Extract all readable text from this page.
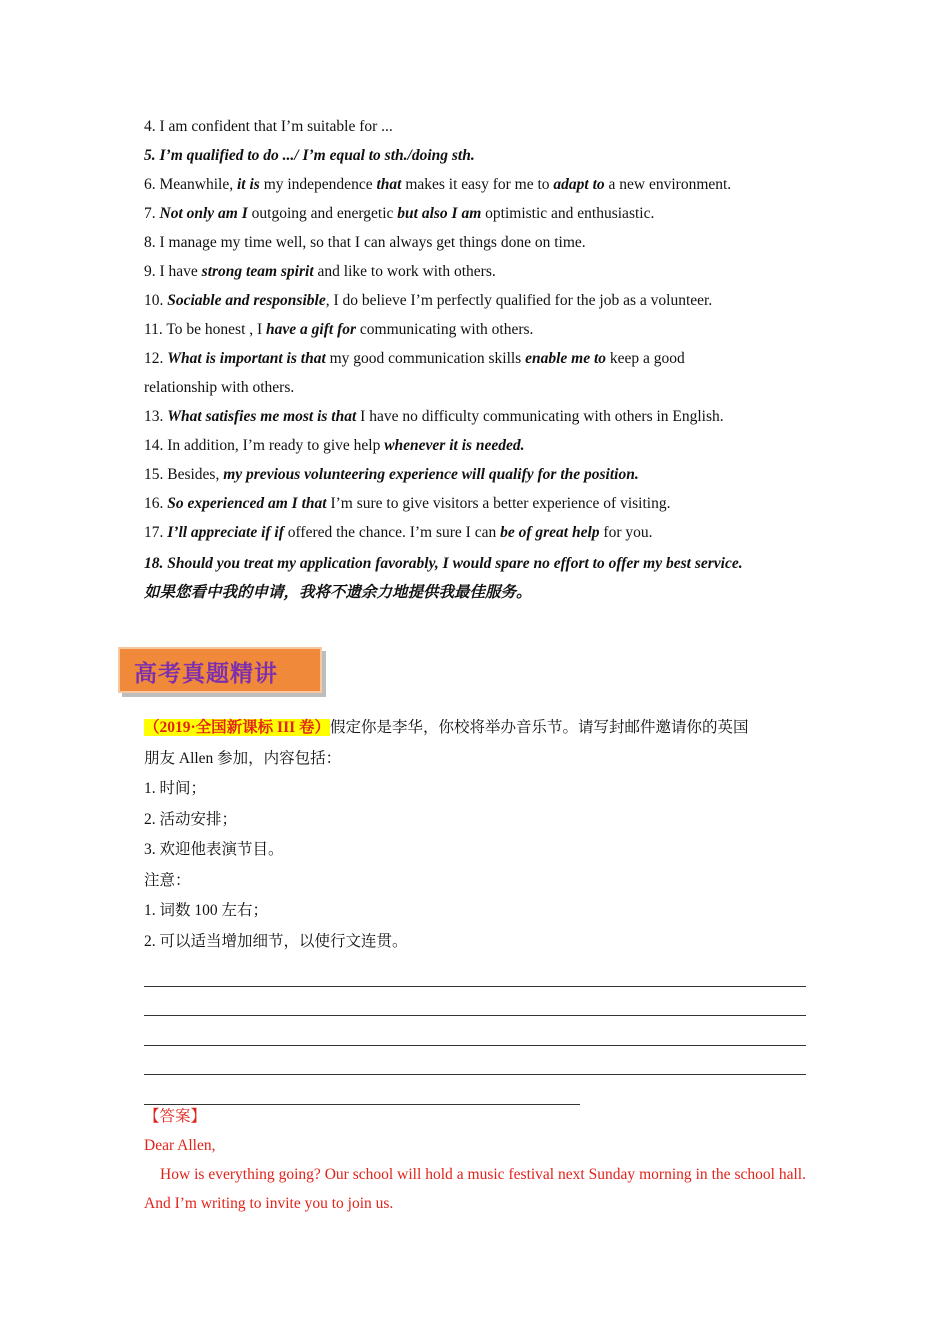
4. I am confident that I’m suitable for ...
5. I’m qualified to do .../ I’m equal to sth./doing sth.
6. Meanwhile, it is my independence that makes it easy for me to adapt to a new environment.
7. Not only am I outgoing and energetic but also I am optimistic and enthusiastic.
8. I manage my time well, so that I can always get things done on time.
9. I have strong team spirit and like to work with others.
10. Sociable and responsible, I do believe I’m perfectly qualified for the job as a volunteer.
11. To be honest , I have a gift for communicating with others.
12. What is important is that my good communication skills enable me to keep a good
relationship with others.
13. What satisfies me most is that I have no difficulty communicating with others in English.
14. In addition, I’m ready to give help whenever it is needed.
15. Besides, my previous volunteering experience will qualify for the position.
16. So experienced am I that I’m sure to give visitors a better experience of visiting.
17. I’ll appreciate if if offered the chance. I’m sure I can be of great help for you.
18. Should you treat my application favorably, I would spare no effort to offer my best service.
如果您看中我的申请，我将不遗余力地提供我最佳服务。
高考真题精讲
（2019·全国新课标 III 卷）假定你是李华，你校将举办音乐节。请写封邮件邀请你的英国
朋友 Allen 参加，内容包括：
1. 时间；
2. 活动安排；
3. 欢迎他表演节目。
注意：
1. 词数 100 左右；
2. 可以适当增加细节，以使行文连贯。
【答案】
Dear Allen,
How is everything going? Our school will hold a music festival next Sunday morning in the school hall. And I’m writing to invite you to join us.
